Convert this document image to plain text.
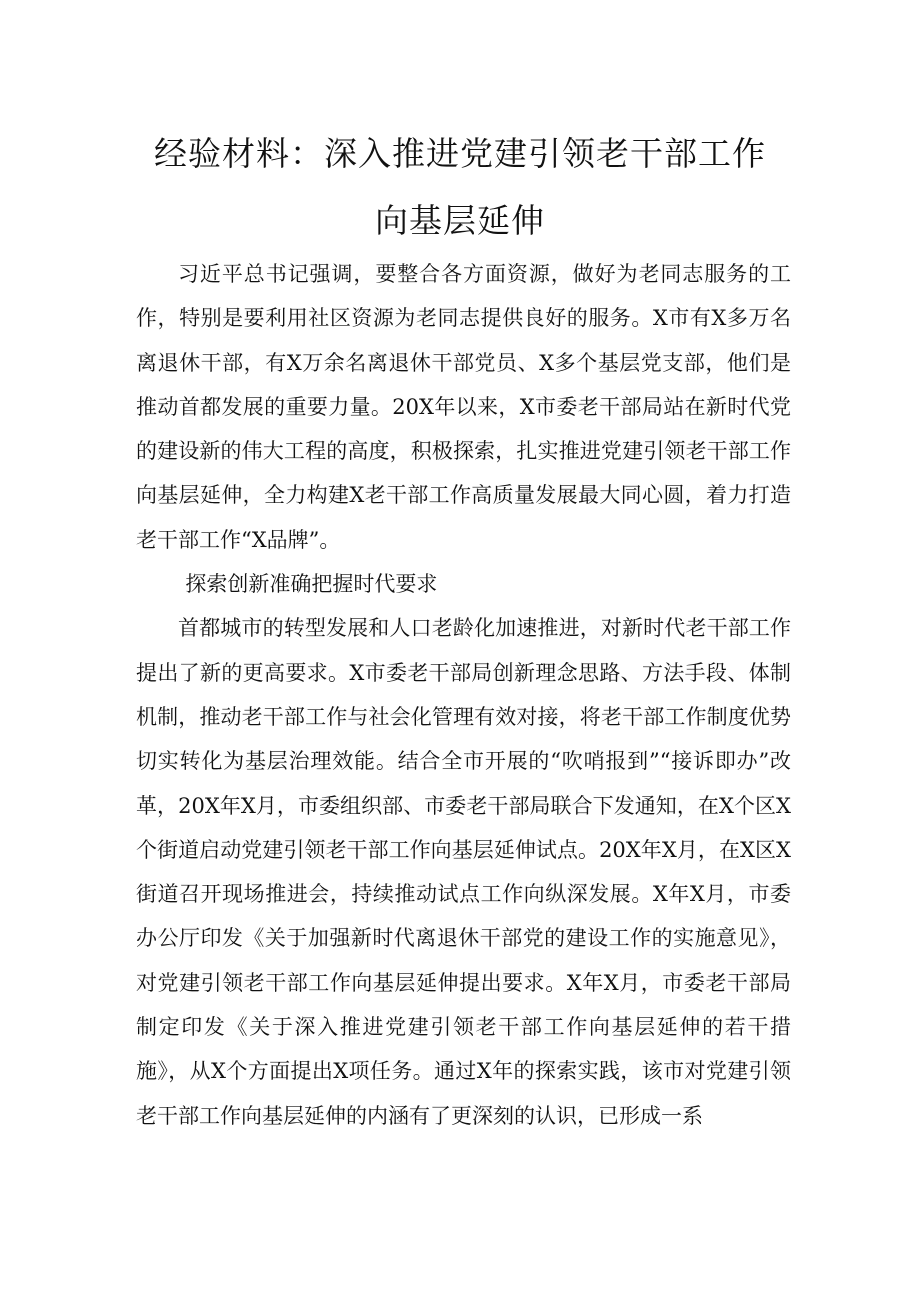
经验材料：深入推进党建引领老干部工作
向基层延伸

习近平总书记强调，要整合各方面资源，做好为老同志服务的工作，特别是要利用社区资源为老同志提供良好的服务。X市有X多万名离退休干部，有X万余名离退休干部党员、X多个基层党支部，他们是推动首都发展的重要力量。20X年以来，X市委老干部局站在新时代党的建设新的伟大工程的高度，积极探索，扎实推进党建引领老干部工作向基层延伸，全力构建X老干部工作高质量发展最大同心圆，着力打造老干部工作“X品牌”。

探索创新准确把握时代要求

首都城市的转型发展和人口老龄化加速推进，对新时代老干部工作提出了新的更高要求。X市委老干部局创新理念思路、方法手段、体制机制，推动老干部工作与社会化管理有效对接，将老干部工作制度优势切实转化为基层治理效能。结合全市开展的“吹哨报到”“接诉即办”改革，20X年X月，市委组织部、市委老干部局联合下发通知，在X个区X个街道启动党建引领老干部工作向基层延伸试点。20X年X月，在X区X街道召开现场推进会，持续推动试点工作向纵深发展。X年X月，市委办公厅印发《关于加强新时代离退休干部党的建设工作的实施意见》，对党建引领老干部工作向基层延伸提出要求。X年X月，市委老干部局制定印发《关于深入推进党建引领老干部工作向基层延伸的若干措施》，从X个方面提出X项任务。通过X年的探索实践，该市对党建引领老干部工作向基层延伸的内涵有了更深刻的认识，已形成一系
